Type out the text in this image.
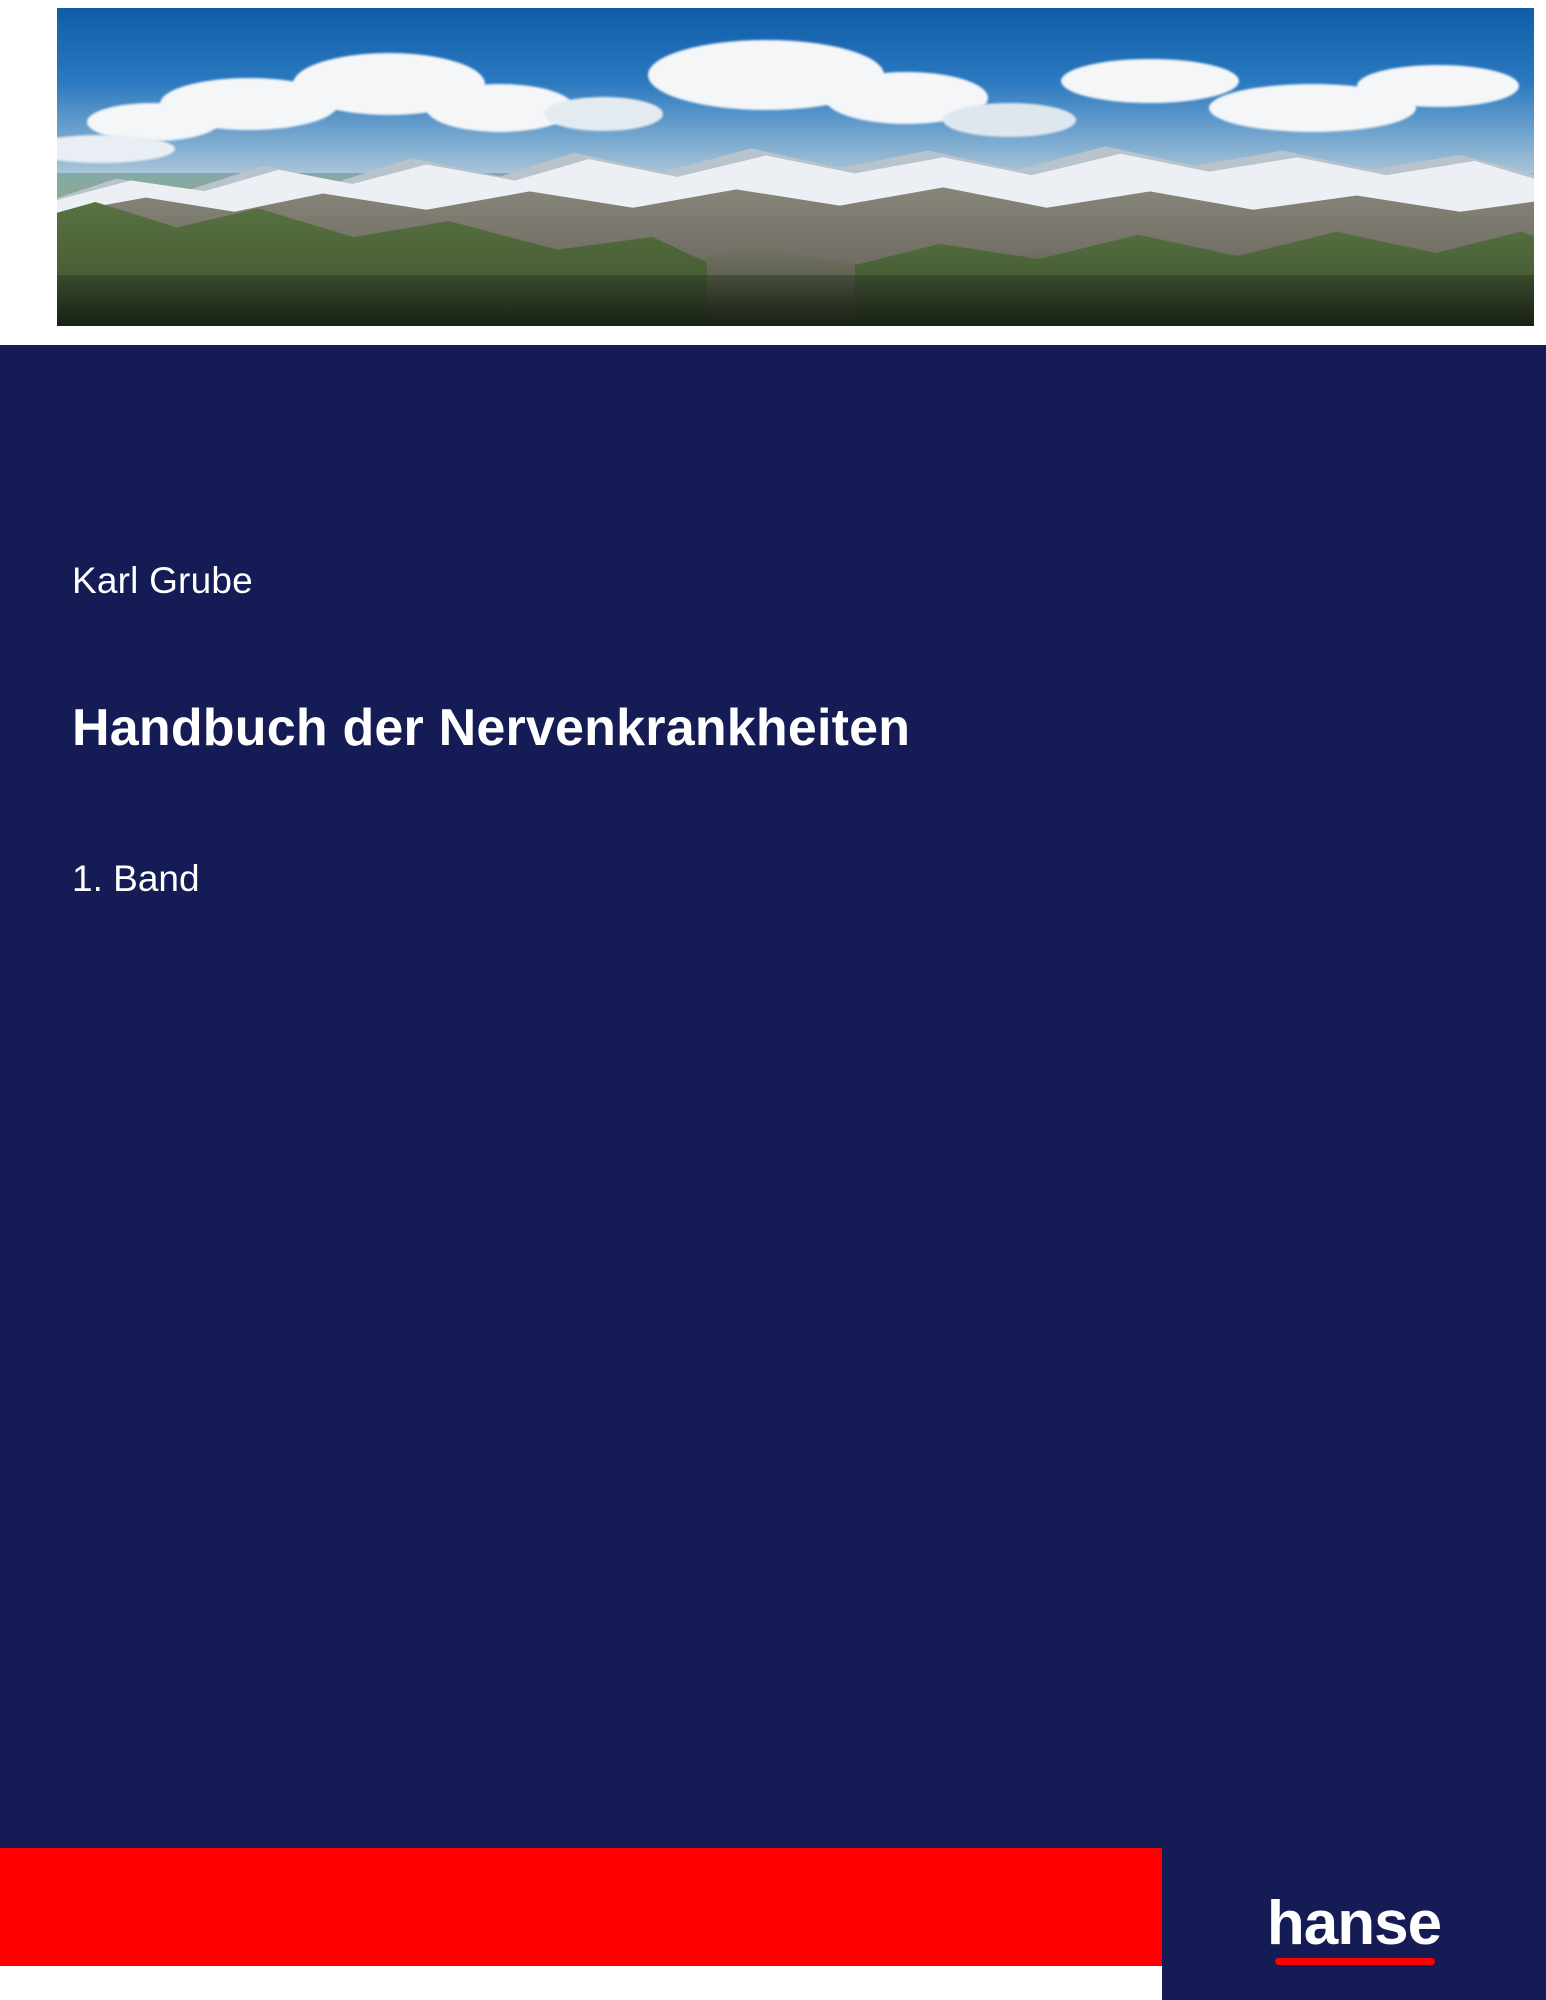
Karl Grube

Handbuch der Nervenkrankheiten

1. Band

hanse
